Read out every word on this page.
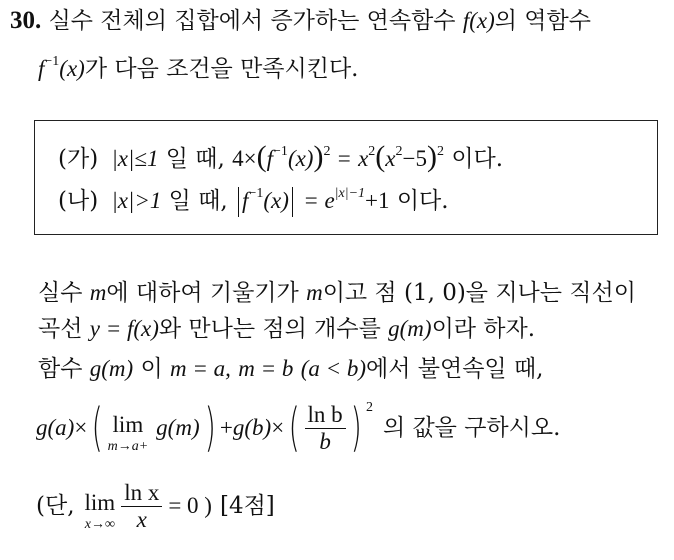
30. 실수 전체의 집합에서 증가하는 연속함수 f(x)의 역함수
$f^{-1}(x)$가 다음 조건을 만족시킨다.
(가) |x|≤1 일 때, $4\times(f^{-1}(x))^2 = x^2(x^2-5)^2$ 이다.
(나) |x|>1 일 때, $f^{-1}(x) = e^{|x|-1}+1$ 이다.
실수 m에 대하여 기울기가 m이고 점 (1, 0)을 지나는 직선이
곡선 y = f(x)와 만나는 점의 개수를 g(m)이라 하자.
함수 g(m) 이 m = a, m = b (a < b)에서 불연속일 때,
g(a) × ( lim
m→a+
g(m) ) + g(b) × ( $\frac{\text{ln b}}{b}$ ) $^2$
의 값을 구하시오.
(단, lim
$x\to\infty \frac{\text{ln x}}{x} = 0$ ) [4점]
